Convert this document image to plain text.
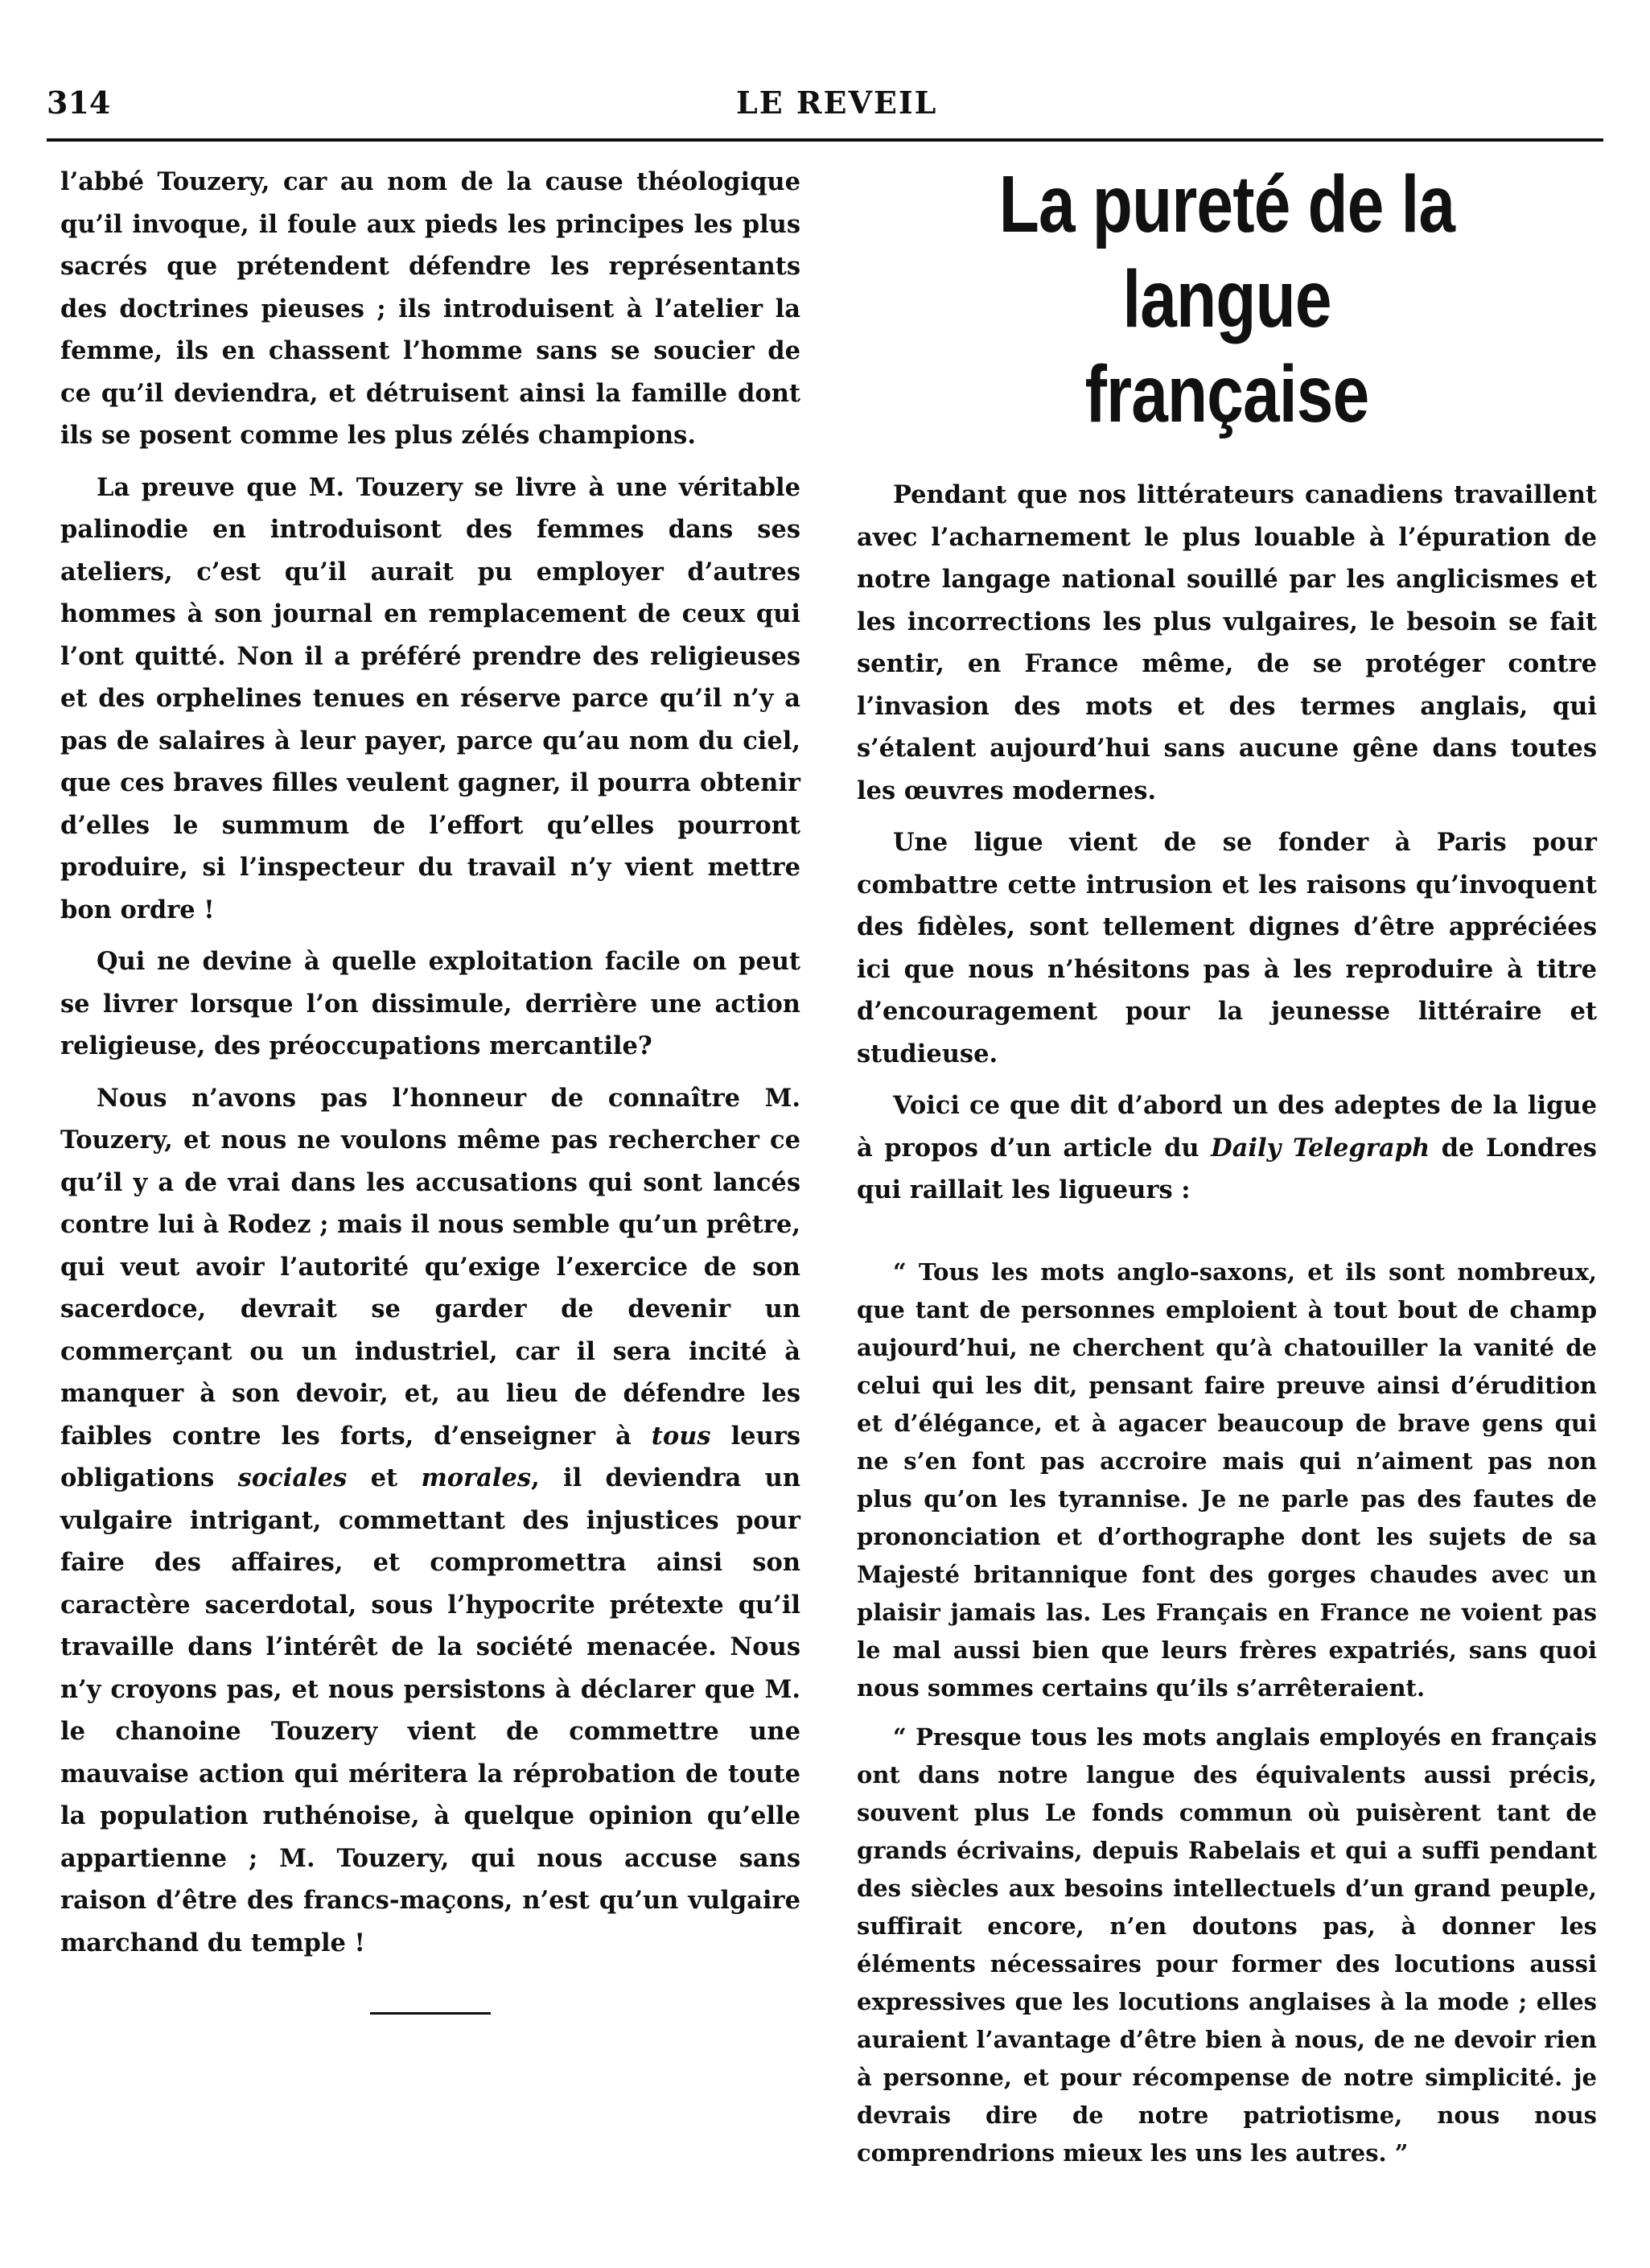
314	LE REVEIL

l’abbé Touzery, car au nom de la cause théologique qu’il invoque, il foule aux pieds les principes les plus sacrés que prétendent défendre les représentants des doctrines pieuses ; ils introduisent à l’atelier la femme, ils en chassent l’homme sans se soucier de ce qu’il deviendra, et détruisent ainsi la famille dont ils se posent comme les plus zélés champions.

La preuve que M. Touzery se livre à une véritable palinodie en introduisont des femmes dans ses ateliers, c’est qu’il aurait pu employer d’autres hommes à son journal en remplacement de ceux qui l’ont quitté. Non il a préféré prendre des religieuses et des orphelines tenues en réserve parce qu’il n’y a pas de salaires à leur payer, parce qu’au nom du ciel, que ces braves filles veulent gagner, il pourra obtenir d’elles le summum de l’effort qu’elles pourront produire, si l’inspecteur du travail n’y vient mettre bon ordre !

Qui ne devine à quelle exploitation facile on peut se livrer lorsque l’on dissimule, derrière une action religieuse, des préoccupations mercantile?

Nous n’avons pas l’honneur de connaître M. Touzery, et nous ne voulons même pas rechercher ce qu’il y a de vrai dans les accusations qui sont lancés contre lui à Rodez ; mais il nous semble qu’un prêtre, qui veut avoir l’autorité qu’exige l’exercice de son sacerdoce, devrait se garder de devenir un commerçant ou un industriel, car il sera incité à manquer à son devoir, et, au lieu de défendre les faibles contre les forts, d’enseigner à tous leurs obligations sociales et morales, il deviendra un vulgaire intrigant, commettant des injustices pour faire des affaires, et compromettra ainsi son caractère sacerdotal, sous l’hypocrite prétexte qu’il travaille dans l’intérêt de la société menacée. Nous n’y croyons pas, et nous persistons à déclarer que M. le chanoine Touzery vient de commettre une mauvaise action qui méritera la réprobation de toute la population ruthénoise, à quelque opinion qu’elle appartienne ; M. Touzery, qui nous accuse sans raison d’être des francs-maçons, n’est qu’un vulgaire marchand du temple !

La pureté de la langue
française

Pendant que nos littérateurs canadiens travaillent avec l’acharnement le plus louable à l’épuration de notre langage national souillé par les anglicismes et les incorrections les plus vulgaires, le besoin se fait sentir, en France même, de se protéger contre l’invasion des mots et des termes anglais, qui s’étalent aujourd’hui sans aucune gêne dans toutes les œuvres modernes.

Une ligue vient de se fonder à Paris pour combattre cette intrusion et les raisons qu’invoquent des fidèles, sont tellement dignes d’être appréciées ici que nous n’hésitons pas à les reproduire à titre d’encouragement pour la jeunesse littéraire et studieuse.

Voici ce que dit d’abord un des adeptes de la ligue à propos d’un article du Daily Telegraph de Londres qui raillait les ligueurs :

“ Tous les mots anglo-saxons, et ils sont nombreux, que tant de personnes emploient à tout bout de champ aujourd’hui, ne cherchent qu’à chatouiller la vanité de celui qui les dit, pensant faire preuve ainsi d’érudition et d’élégance, et à agacer beaucoup de brave gens qui ne s’en font pas accroire mais qui n’aiment pas non plus qu’on les tyrannise. Je ne parle pas des fautes de prononciation et d’orthographe dont les sujets de sa Majesté britannique font des gorges chaudes avec un plaisir jamais las. Les Français en France ne voient pas le mal aussi bien que leurs frères expatriés, sans quoi nous sommes certains qu’ils s’arrêteraient.

“ Presque tous les mots anglais employés en français ont dans notre langue des équivalents aussi précis, souvent plus Le fonds commun où puisèrent tant de grands écrivains, depuis Rabelais et qui a suffi pendant des siècles aux besoins intellectuels d’un grand peuple, suffirait encore, n’en doutons pas, à donner les éléments nécessaires pour former des locutions aussi expressives que les locutions anglaises à la mode ; elles auraient l’avantage d’être bien à nous, de ne devoir rien à personne, et pour récompense de notre simplicité. je devrais dire de notre patriotisme, nous nous comprendrions mieux les uns les autres. ”
